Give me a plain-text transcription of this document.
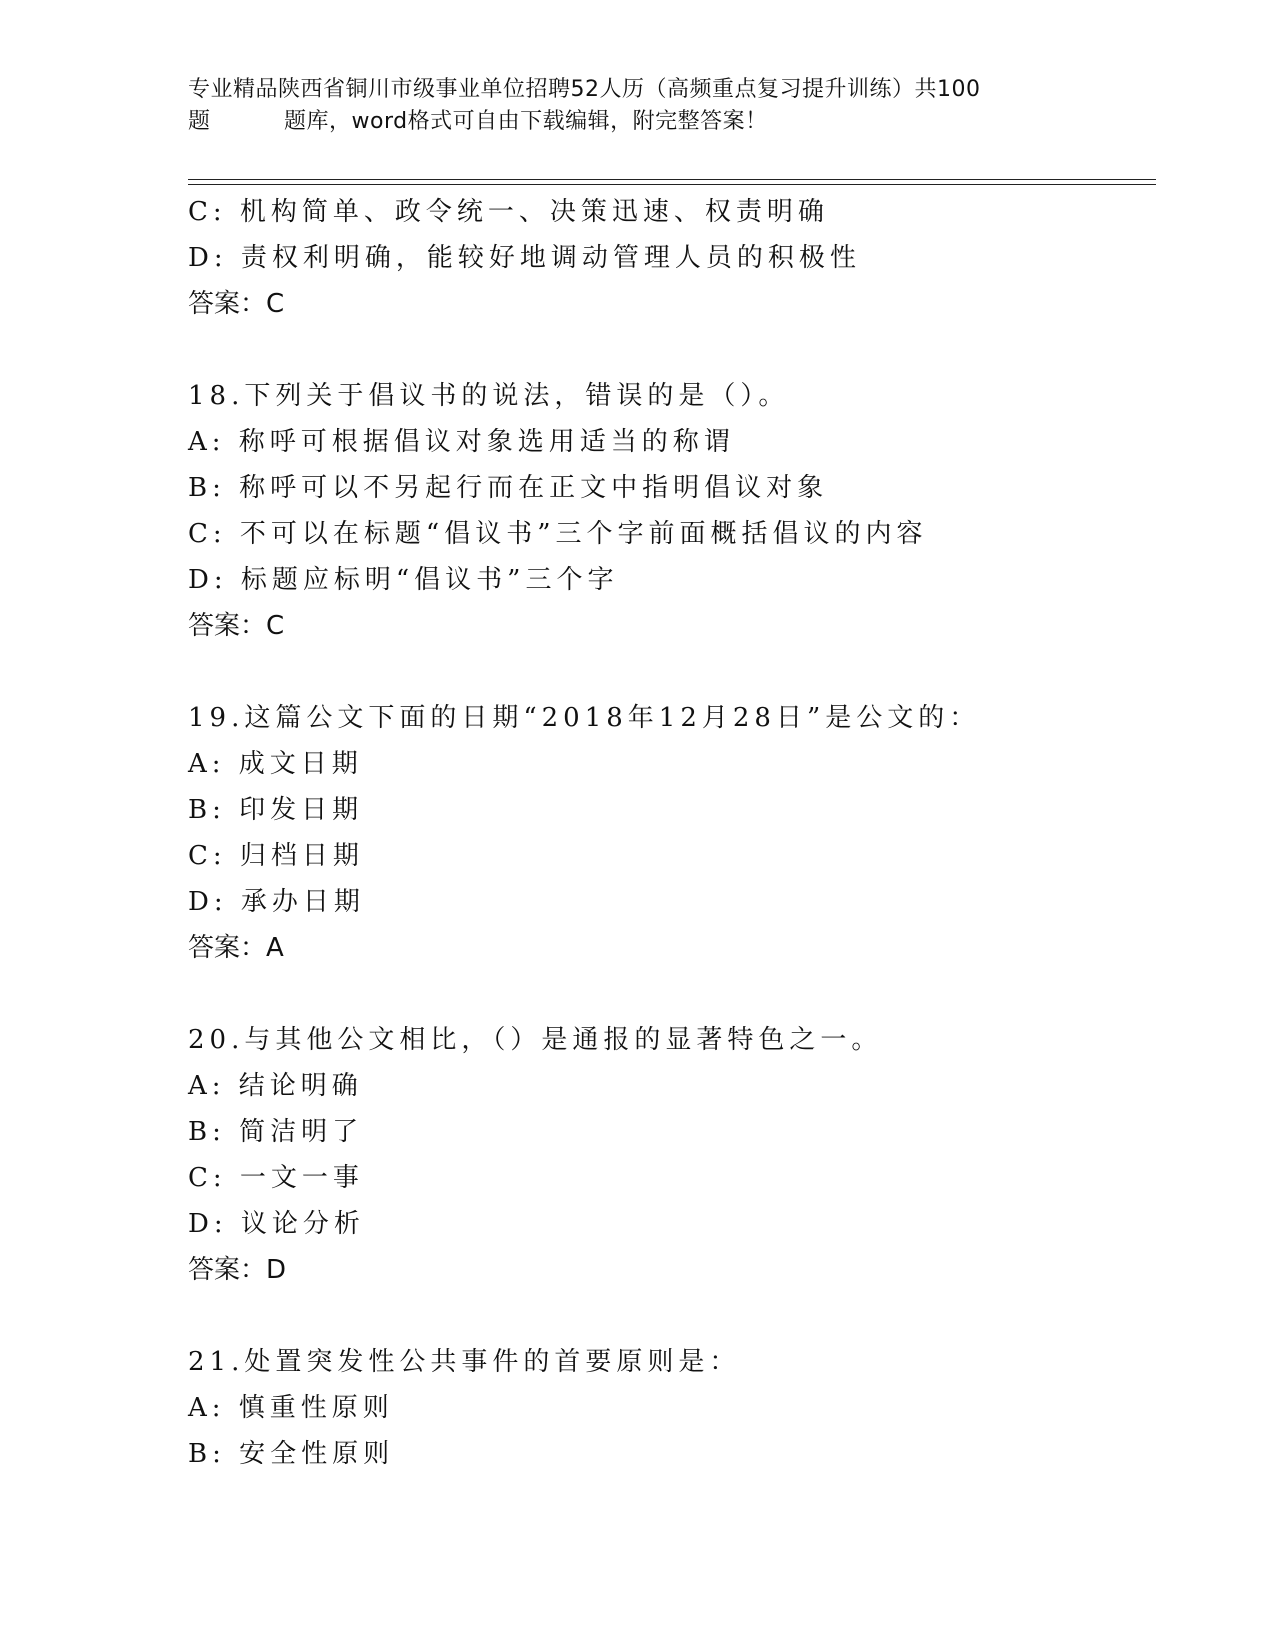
专业精品陕西省铜川市级事业单位招聘52人历（高频重点复习提升训练）共100
题	题库，word格式可自由下载编辑，附完整答案！
C: 机构简单、政令统一、决策迅速、权责明确
D: 责权利明确，能较好地调动管理人员的积极性
答案：C
18.下列关于倡议书的说法，错误的是（）。
A: 称呼可根据倡议对象选用适当的称谓
B: 称呼可以不另起行而在正文中指明倡议对象
C: 不可以在标题“倡议书”三个字前面概括倡议的内容
D: 标题应标明“倡议书”三个字
答案：C
19.这篇公文下面的日期“2018年12月28日”是公文的：
A: 成文日期
B: 印发日期
C: 归档日期
D: 承办日期
答案：A
20.与其他公文相比，（）是通报的显著特色之一。
A: 结论明确
B: 简洁明了
C: 一文一事
D: 议论分析
答案：D
21.处置突发性公共事件的首要原则是：
A: 慎重性原则
B: 安全性原则
